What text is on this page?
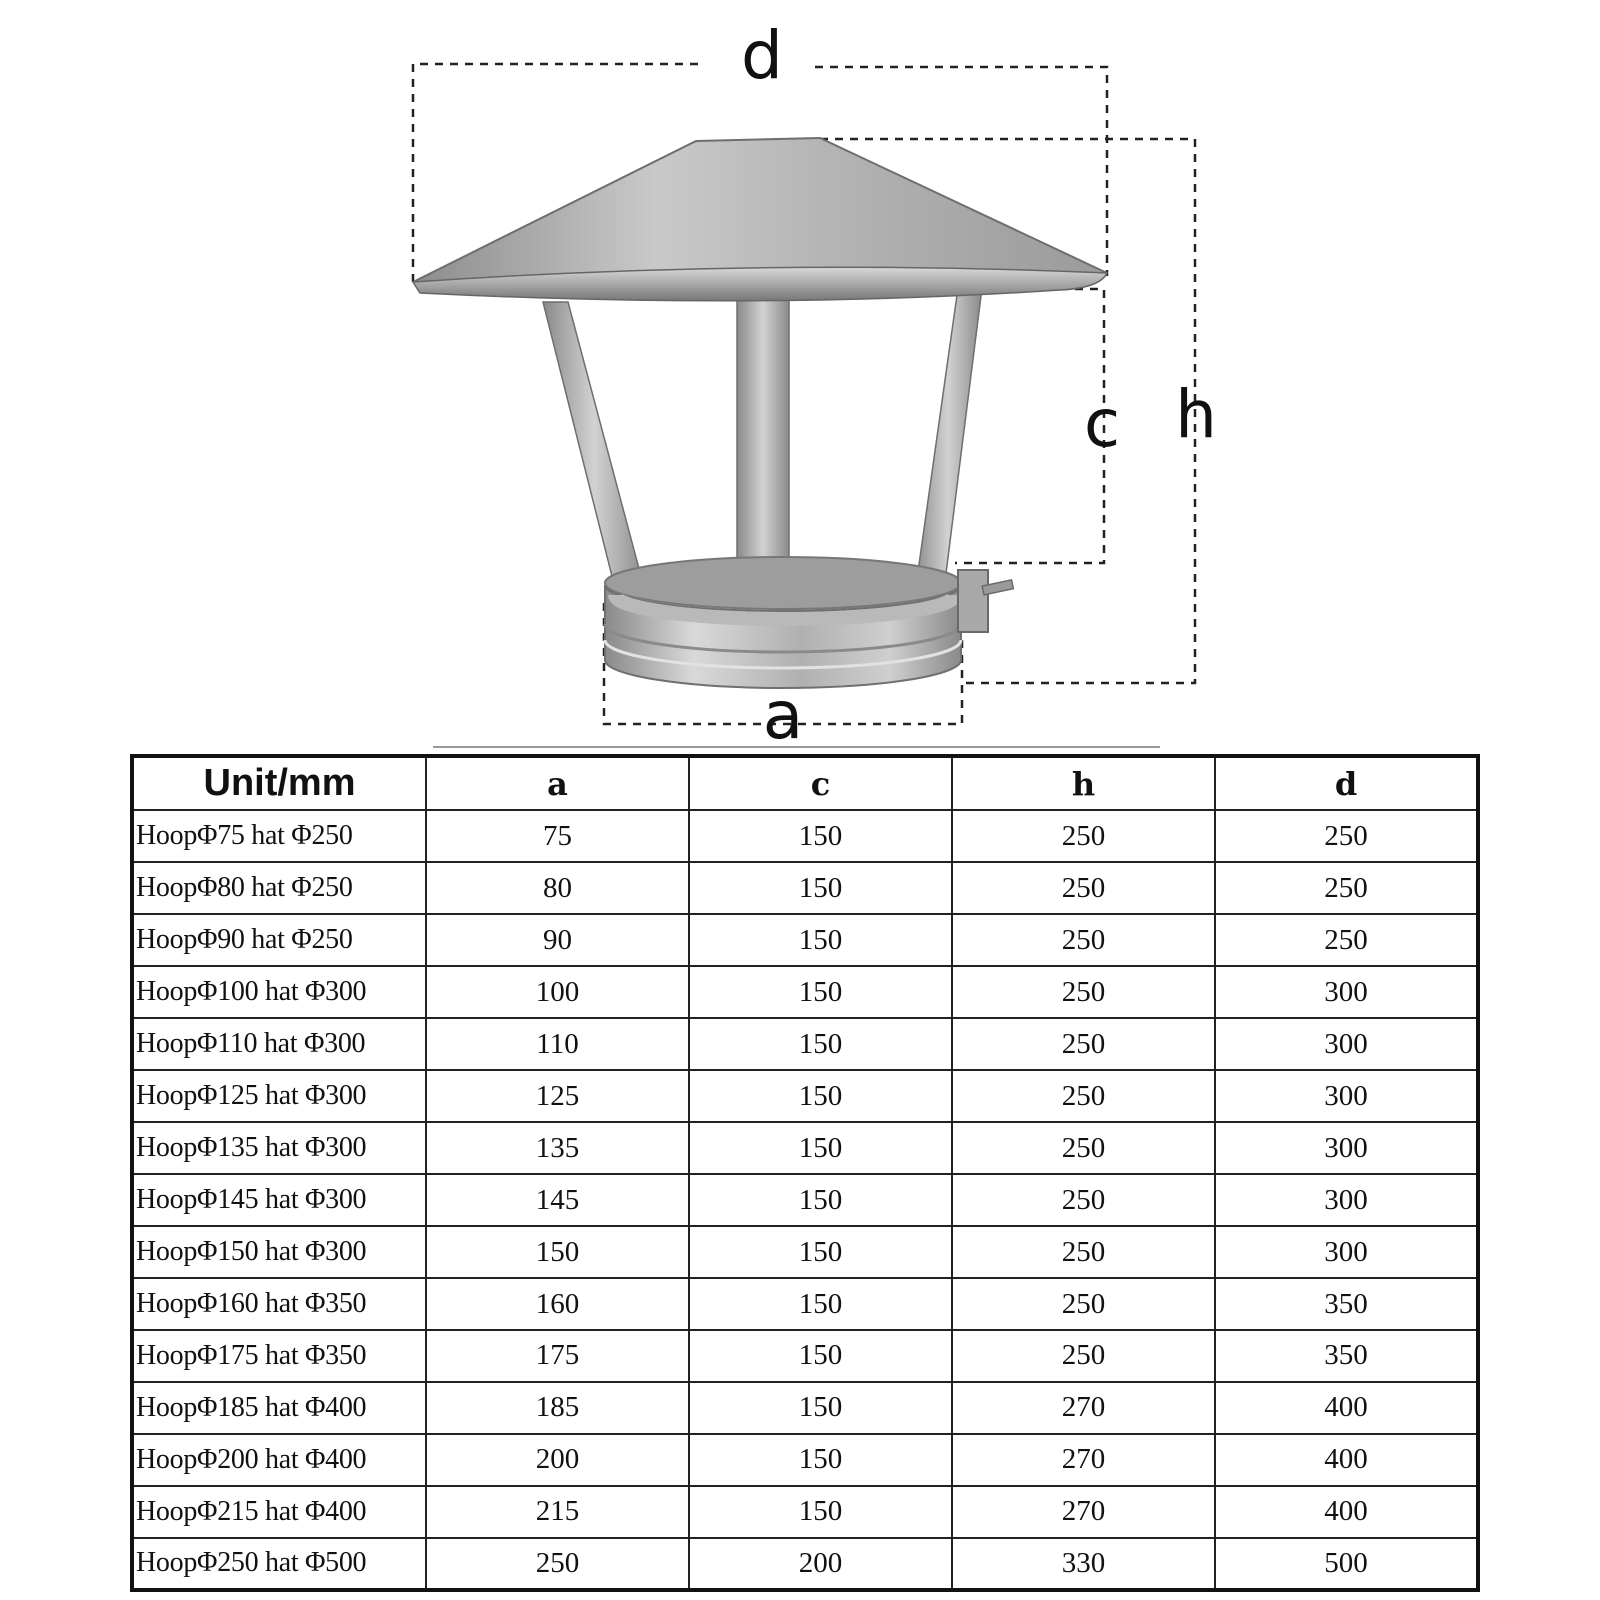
d
c h
a
Unit/mm	a	c	h	d
HoopΦ75 hat Φ250	75	150	250	250
HoopΦ80 hat Φ250	80	150	250	250
HoopΦ90 hat Φ250	90	150	250	250
HoopΦ100 hat Φ300	100	150	250	300
HoopΦ110 hat Φ300	110	150	250	300
HoopΦ125 hat Φ300	125	150	250	300
HoopΦ135 hat Φ300	135	150	250	300
HoopΦ145 hat Φ300	145	150	250	300
HoopΦ150 hat Φ300	150	150	250	300
HoopΦ160 hat Φ350	160	150	250	350
HoopΦ175 hat Φ350	175	150	250	350
HoopΦ185 hat Φ400	185	150	270	400
HoopΦ200 hat Φ400	200	150	270	400
HoopΦ215 hat Φ400	215	150	270	400
HoopΦ250 hat Φ500	250	200	330	500
